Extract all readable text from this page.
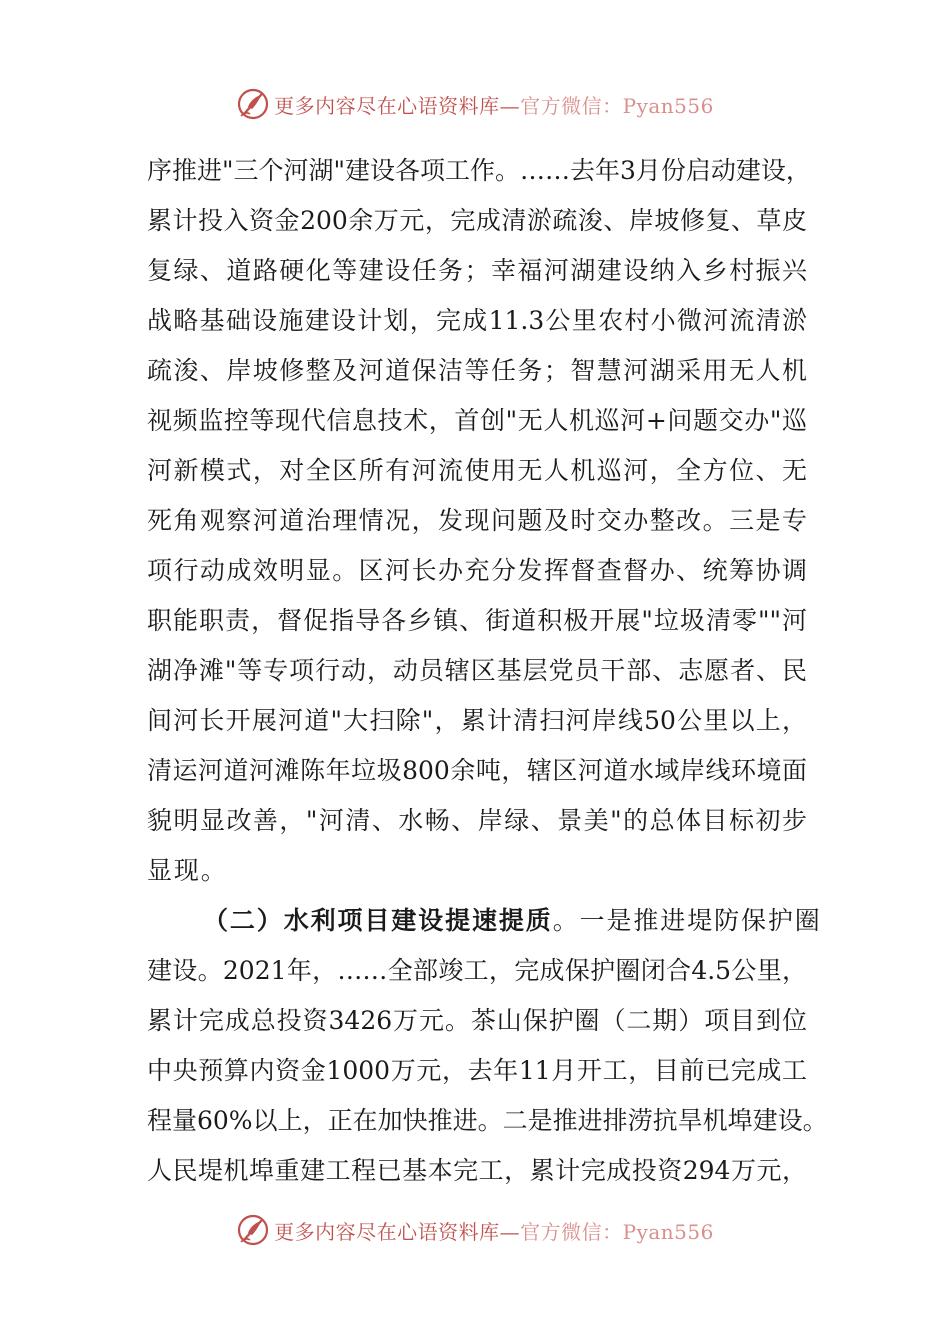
更多内容尽在心语资料库—官方微信：Pyan556
序推进"三个河湖"建设各项工作。……去年3月份启动建设，
累计投入资金200余万元，完成清淤疏浚、岸坡修复、草皮
复绿、道路硬化等建设任务；幸福河湖建设纳入乡村振兴
战略基础设施建设计划，完成11.3公里农村小微河流清淤
疏浚、岸坡修整及河道保洁等任务；智慧河湖采用无人机
视频监控等现代信息技术，首创"无人机巡河+问题交办"巡
河新模式，对全区所有河流使用无人机巡河，全方位、无
死角观察河道治理情况，发现问题及时交办整改。三是专
项行动成效明显。区河长办充分发挥督查督办、统筹协调
职能职责，督促指导各乡镇、街道积极开展"垃圾清零""河
湖净滩"等专项行动，动员辖区基层党员干部、志愿者、民
间河长开展河道"大扫除"，累计清扫河岸线50公里以上，
清运河道河滩陈年垃圾800余吨，辖区河道水域岸线环境面
貌明显改善，"河清、水畅、岸绿、景美"的总体目标初步
显现。
（二）水利项目建设提速提质。一是推进堤防保护圈
建设。2021年，……全部竣工，完成保护圈闭合4.5公里，
累计完成总投资3426万元。茶山保护圈（二期）项目到位
中央预算内资金1000万元，去年11月开工，目前已完成工
程量60%以上，正在加快推进。二是推进排涝抗旱机埠建设。
人民堤机埠重建工程已基本完工，累计完成投资294万元，
更多内容尽在心语资料库—官方微信：Pyan556
